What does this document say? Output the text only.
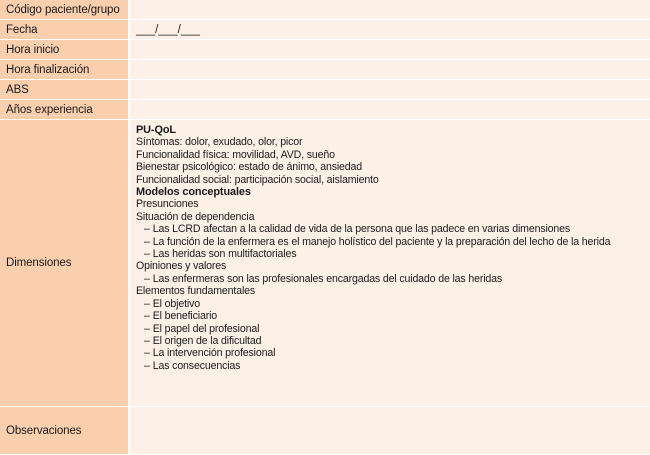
Código paciente/grupo
Fecha	___/___/___
Hora inicio
Hora finalización
ABS
Años experiencia
Dimensiones
PU-QoL
Síntomas: dolor, exudado, olor, picor
Funcionalidad física: movilidad, AVD, sueño
Bienestar psicológico: estado de ánimo, ansiedad
Funcionalidad social: participación social, aislamiento
Modelos conceptuales
Presunciones
Situación de dependencia
– Las LCRD afectan a la calidad de vida de la persona que las padece en varias dimensiones
– La función de la enfermera es el manejo holístico del paciente y la preparación del lecho de la herida
– Las heridas son multifactoriales
Opiniones y valores
– Las enfermeras son las profesionales encargadas del cuidado de las heridas
Elementos fundamentales
– El objetivo
– El beneficiario
– El papel del profesional
– El origen de la dificultad
– La intervención profesional
– Las consecuencias
Observaciones
